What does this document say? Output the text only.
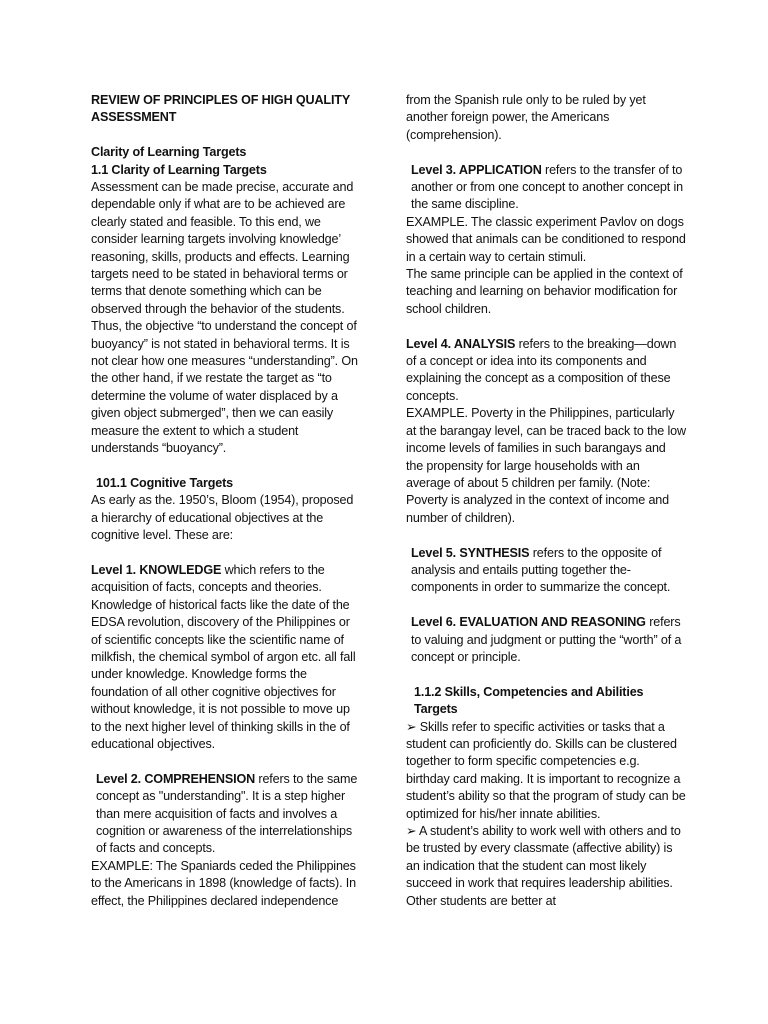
REVIEW OF PRINCIPLES OF HIGH QUALITY ASSESSMENT

Clarity of Learning Targets

1.1 Clarity of Learning Targets

Assessment can be made precise, accurate and dependable only if what are to be achieved are clearly stated and feasible. To this end, we consider learning targets involving knowledge’ reasoning, skills, products and effects. Learning targets need to be stated in behavioral terms or terms that denote something which can be observed through the behavior of the students. Thus, the objective “to understand the concept of buoyancy” is not stated in behavioral terms. It is not clear how one measures “understanding”. On the other hand, if we restate the target as “to determine the volume of water displaced by a given object submerged”, then we can easily measure the extent to which a student understands “buoyancy”.

101.1 Cognitive Targets

As early as the. 1950’s, Bloom (1954), proposed a hierarchy of educational objectives at the cognitive level. These are:

Level 1. KNOWLEDGE which refers to the acquisition of facts, concepts and theories. Knowledge of historical facts like the date of the EDSA revolution, discovery of the Philippines or of scientific concepts like the scientific name of milkfish, the chemical symbol of argon etc. all fall under knowledge. Knowledge forms the foundation of all other cognitive objectives for without knowledge, it is not possible to move up to the next higher level of thinking skills in the of educational objectives.

Level 2. COMPREHENSION refers to the same concept as "understanding". It is a step higher than mere acquisition of facts and involves a cognition or awareness of the interrelationships of facts and concepts.

EXAMPLE: The Spaniards ceded the Philippines to the Americans in 1898 (knowledge of facts). In effect, the Philippines declared independence

from the Spanish rule only to be ruled by yet another foreign power, the Americans (comprehension).

Level 3. APPLICATION refers to the transfer of to another or from one concept to another concept in the same discipline.

EXAMPLE. The classic experiment Pavlov on dogs showed that animals can be conditioned to respond in a certain way to certain stimuli.

The same principle can be applied in the context of teaching and learning on behavior modification for school children.

Level 4. ANALYSIS refers to the breaking—down of a concept or idea into its components and explaining the concept as a composition of these concepts.

EXAMPLE. Poverty in the Philippines, particularly at the barangay level, can be traced back to the low income levels of families in such barangays and the propensity for large households with an average of about 5 children per family. (Note: Poverty is analyzed in the context of income and number of children).

Level 5. SYNTHESIS refers to the opposite of analysis and entails putting together the-components in order to summarize the concept.

Level 6. EVALUATION AND REASONING refers to valuing and judgment or putting the “worth” of a concept or principle.

1.1.2 Skills, Competencies and Abilities Targets

➢ Skills refer to specific activities or tasks that a student can proficiently do. Skills can be clustered together to form specific competencies e.g. birthday card making. It is important to recognize a student’s ability so that the program of study can be optimized for his/her innate abilities.

➢ A student’s ability to work well with others and to be trusted by every classmate (affective ability) is an indication that the student can most likely succeed in work that requires leadership abilities. Other students are better at
